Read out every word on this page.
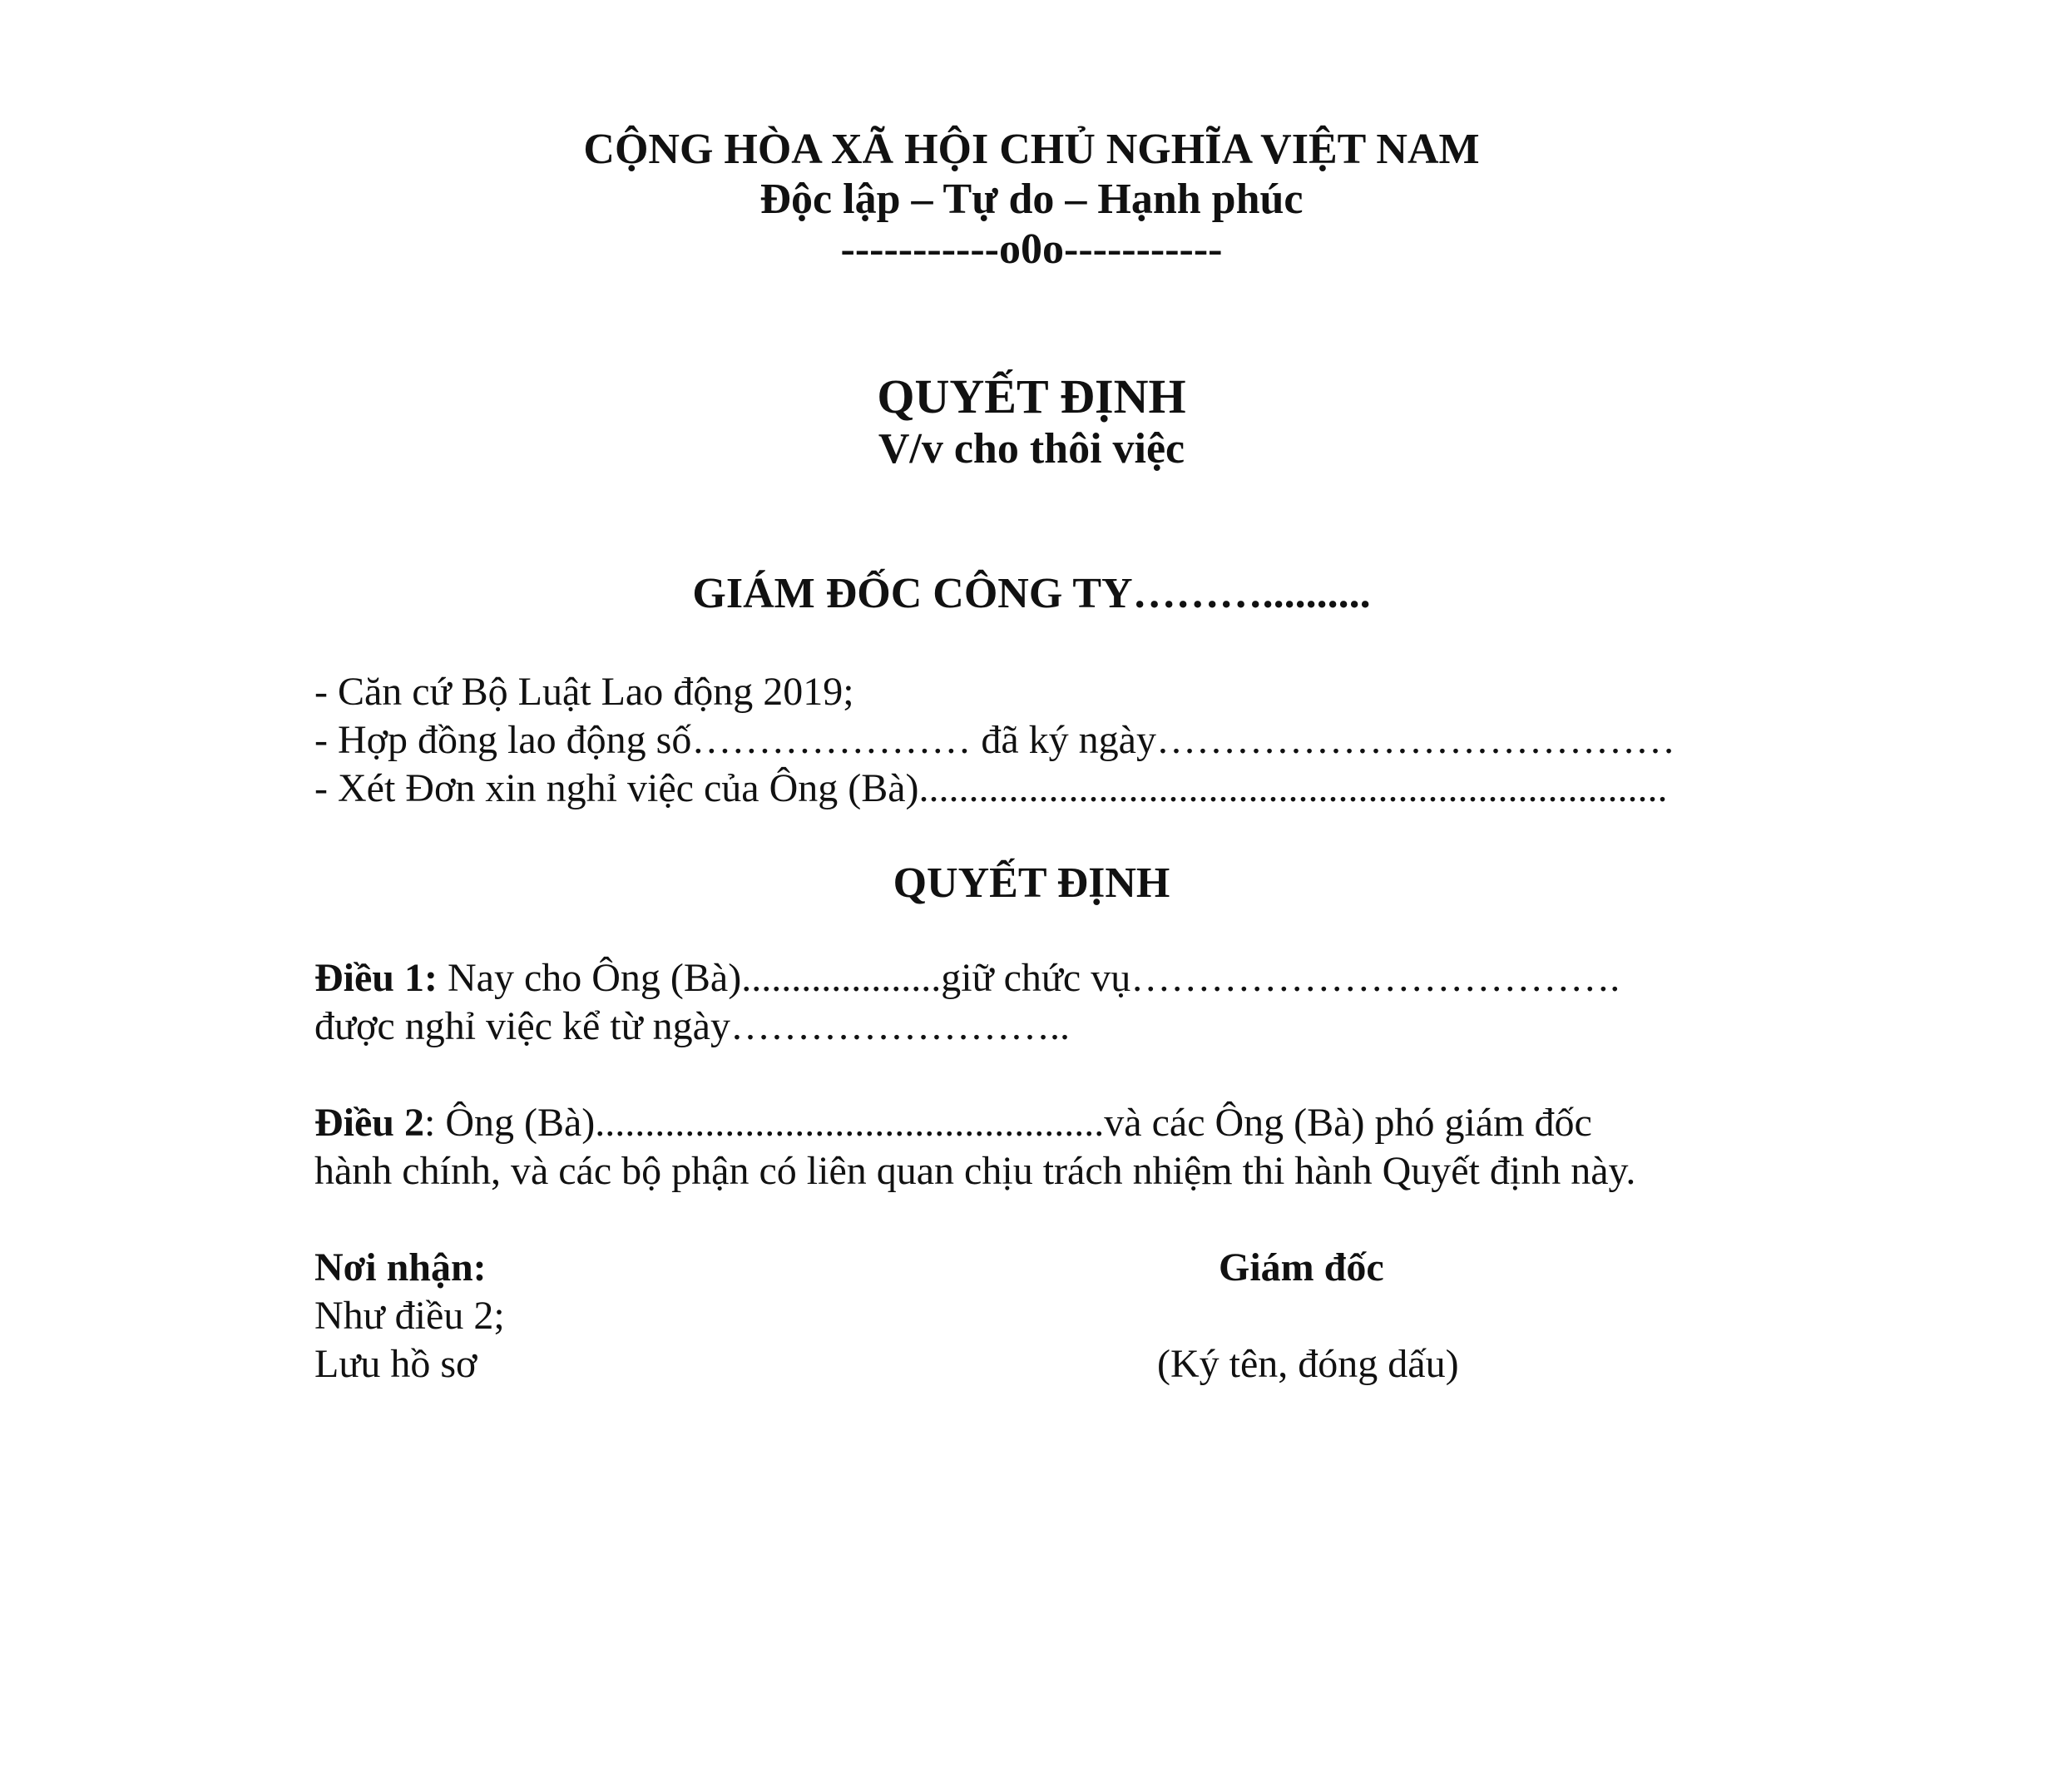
CỘNG HÒA XÃ HỘI CHỦ NGHĨA VIỆT NAM
Độc lập – Tự do – Hạnh phúc
-----------o0o-----------
QUYẾT ĐỊNH
V/v cho thôi việc
GIÁM ĐỐC CÔNG TY………..........
- Căn cứ Bộ Luật Lao động 2019;
- Hợp đồng lao động số………………… đã ký ngày…………………………………
- Xét Đơn xin nghỉ việc của Ông (Bà)...........................................................................
QUYẾT ĐỊNH
Điều 1: Nay cho Ông (Bà)....................giữ chức vụ……………………………….
được nghỉ việc kể từ ngày……………………..
Điều 2: Ông (Bà)...................................................và các Ông (Bà) phó giám đốc
hành chính, và các bộ phận có liên quan chịu trách nhiệm thi hành Quyết định này.
Nơi nhận:
Như điều 2;
Lưu hồ sơ
Giám đốc
(Ký tên, đóng dấu)
